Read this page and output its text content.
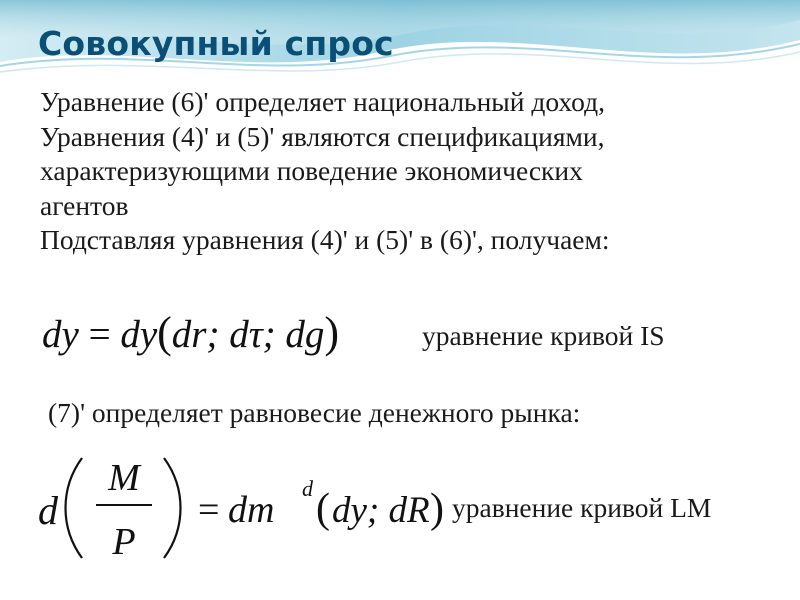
Совокупный спрос
Уравнение (6)' определяет национальный доход,
Уравнения (4)' и (5)' являются спецификациями,
характеризующими поведение экономических
агентов
Подставляя уравнения (4)' и (5)' в (6)', получаем:
dy = dy(dr; dτ; dg)	уравнение кривой IS
(7)' определяет равновесие денежного рынка:
d
M
P
= dm
d ( dy; dR ) уравнение кривой LM
